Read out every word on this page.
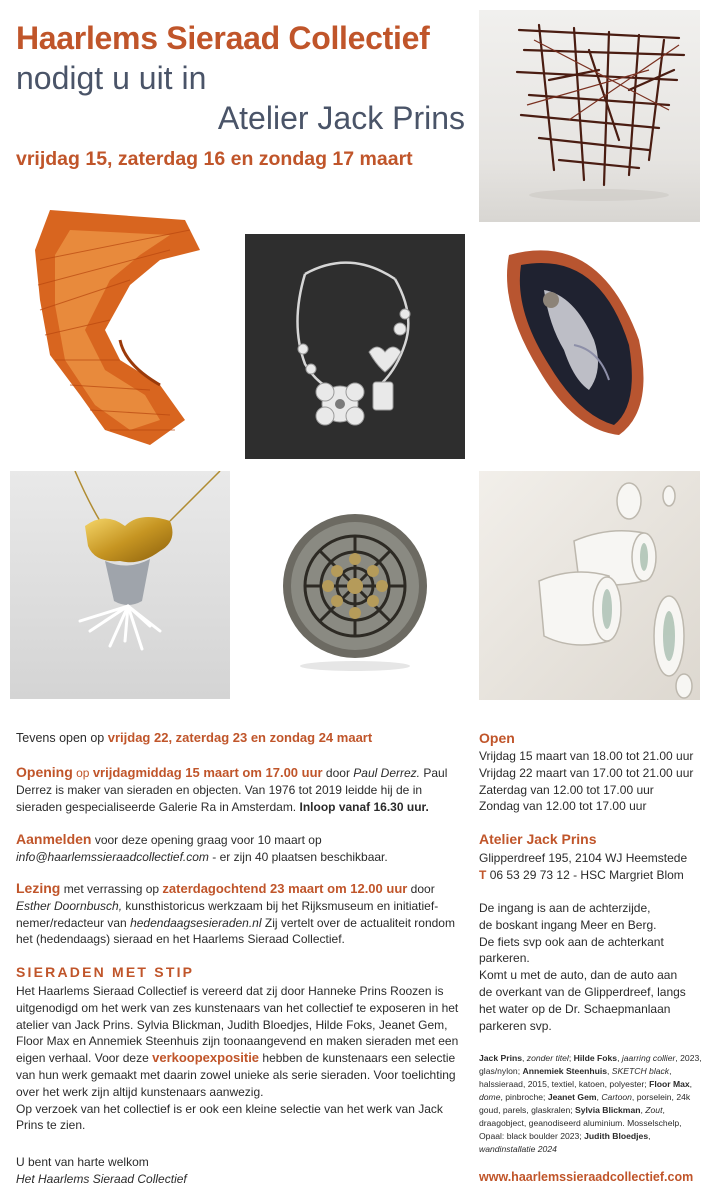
Haarlems Sieraad Collectief
nodigt u uit in
Atelier Jack Prins
vrijdag 15, zaterdag 16 en zondag 17 maart
Tevens open op vrijdag 22, zaterdag 23 en zondag 24 maart
Opening op vrijdagmiddag 15 maart om 17.00 uur door Paul Derrez. Paul Derrez is maker van sieraden en objecten. Van 1976 tot 2019 leidde hij de in sieraden gespecialiseerde Galerie Ra in Amsterdam. Inloop vanaf 16.30 uur.
Aanmelden voor deze opening graag voor 10 maart op
info@haarlemssieraadcollectief.com - er zijn 40 plaatsen beschikbaar.
Lezing met verrassing op zaterdagochtend 23 maart om 12.00 uur door
Esther Doornbusch, kunsthistoricus werkzaam bij het Rijksmuseum en initiatief-nemer/redacteur van hedendaagsesieraden.nl Zij vertelt over de actualiteit rondom het (hedendaags) sieraad en het Haarlems Sieraad Collectief.
SIERADEN MET STIP
Het Haarlems Sieraad Collectief is vereerd dat zij door Hanneke Prins Roozen is uitgenodigd om het werk van zes kunstenaars van het collectief te exposeren in het atelier van Jack Prins. Sylvia Blickman, Judith Bloedjes, Hilde Foks, Jeanet Gem, Floor Max en Annemiek Steenhuis zijn toonaangevend en maken sieraden met een eigen verhaal. Voor deze verkoopexpositie hebben de kunstenaars een selectie van hun werk gemaakt met daarin zowel unieke als serie sieraden. Voor toelichting over het werk zijn altijd kunstenaars aanwezig.
Op verzoek van het collectief is er ook een kleine selectie van het werk van Jack Prins te zien.
U bent van harte welkom
Het Haarlems Sieraad Collectief
Open
Vrijdag 15 maart van 18.00 tot 21.00 uur
Vrijdag 22 maart van 17.00 tot 21.00 uur
Zaterdag van 12.00 tot 17.00 uur
Zondag van 12.00 tot 17.00 uur
Atelier Jack Prins
Glipperdreef 195, 2104 WJ Heemstede
T 06 53 29 73 12 - HSC Margriet Blom
De ingang is aan de achterzijde,
de boskant ingang Meer en Berg.
De fiets svp ook aan de achterkant
parkeren.
Komt u met de auto, dan de auto aan
de overkant van de Glipperdreef, langs
het water op de Dr. Schaepmanlaan
parkeren svp.
Jack Prins, zonder titel; Hilde Foks, jaarring collier, 2023, glas/nylon; Annemiek Steenhuis, SKETCH black, halssieraad, 2015, textiel, katoen, polyester; Floor Max, dome, pinbroche; Jeanet Gem, Cartoon, porselein, 24k goud, parels, glaskralen; Sylvia Blickman, Zout, draagobject, geanodiseerd aluminium. Mosselschelp, Opaal: black boulder 2023; Judith Bloedjes, wandinstallatie 2024
www.haarlemssieraadcollectief.com
